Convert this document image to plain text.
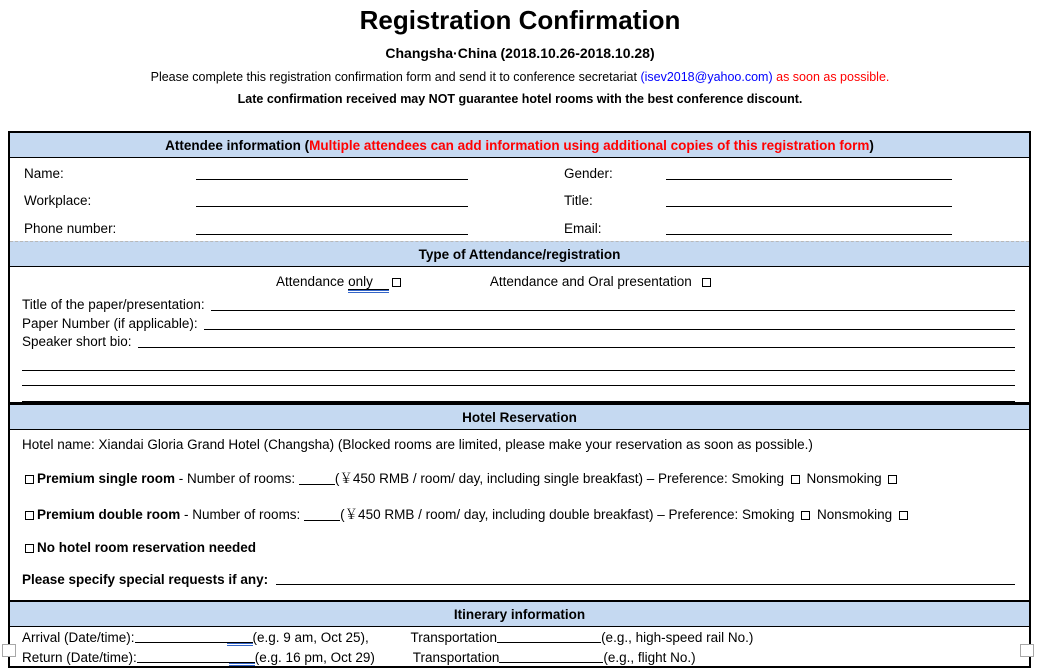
Registration Confirmation
Changsha·China (2018.10.26-2018.10.28)
Please complete this registration confirmation form and send it to conference secretariat (isev2018@yahoo.com) as soon as possible.
Late confirmation received may NOT guarantee hotel rooms with the best conference discount.
Attendee information (Multiple attendees can add information using additional copies of this registration form)
Name:	Gender:
Workplace:	Title:
Phone number:	Email:
Type of Attendance/registration
Attendance only	Attendance and Oral presentation
Title of the paper/presentation:
Paper Number (if applicable):
Speaker short bio:
Hotel Reservation
Hotel name: Xiandai Gloria Grand Hotel (Changsha) (Blocked rooms are limited, please make your reservation as soon as possible.)
Premium single room - Number of rooms:	(￥450 RMB / room/ day, including single breakfast) – Preference: Smoking  Nonsmoking
Premium double room - Number of rooms:	(￥450 RMB / room/ day, including double breakfast) – Preference: Smoking  Nonsmoking
No hotel room reservation needed
Please specify special requests if any:
Itinerary information
Arrival (Date/time):	(e.g. 9 am, Oct 25),	Transportation	(e.g., high-speed rail No.)
Return (Date/time):	(e.g. 16 pm, Oct 29)	Transportation	(e.g., flight No.)
